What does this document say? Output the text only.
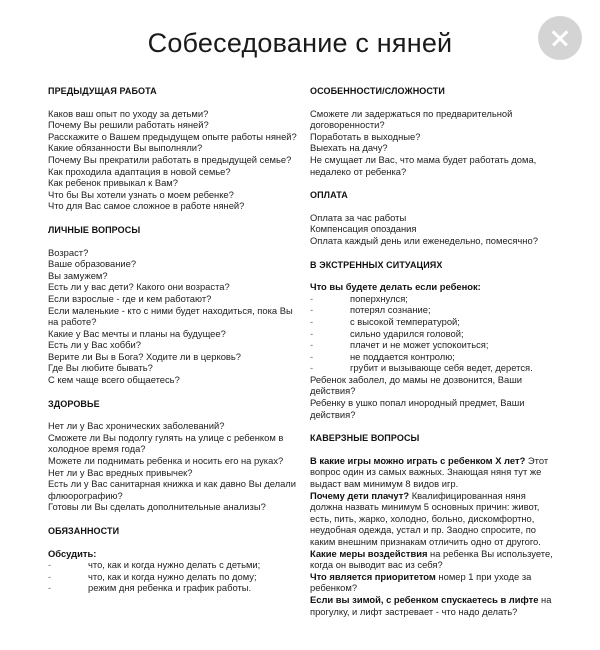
Собеседование с няней
ПРЕДЫДУЩАЯ РАБОТА
Каков ваш опыт по уходу за детьми?
Почему Вы решили работать няней?
Расскажите о Вашем предыдущем опыте работы няней?
Какие обязанности Вы выполняли?
Почему Вы прекратили работать в предыдущей семье?
Как проходила адаптация в новой семье?
Как ребенок привыкал к Вам?
Что бы Вы хотели узнать о моем ребенке?
Что для Вас самое сложное в работе няней?
ЛИЧНЫЕ ВОПРОСЫ
Возраст?
Ваше образование?
Вы замужем?
Есть ли у вас дети? Какого они возраста?
Если взрослые - где и кем работают?
Если маленькие - кто с ними будет находиться, пока Вы на работе?
Какие у Вас мечты и планы на будущее?
Есть ли у Вас хобби?
Верите ли Вы в Бога? Ходите ли в церковь?
Где Вы любите бывать?
С кем чаще всего общаетесь?
ЗДОРОВЬЕ
Нет ли у Вас хронических заболеваний?
Сможете ли Вы подолгу гулять на улице с ребенком в холодное время года?
Можете ли поднимать ребенка и носить его на руках?
Нет ли у Вас вредных привычек?
Есть ли у Вас санитарная книжка и как давно Вы делали флюорографию?
Готовы ли Вы сделать дополнительные анализы?
ОБЯЗАННОСТИ
Обсудить:
-	что, как и когда нужно делать с детьми;
-	что, как и когда нужно делать по дому;
-	режим дня ребенка и график работы.
ОСОБЕННОСТИ/СЛОЖНОСТИ
Сможете ли задержаться по предварительной договоренности?
Поработать в выходные?
Выехать на дачу?
Не смущает ли Вас, что мама будет работать дома, недалеко от ребенка?
ОПЛАТА
Оплата за час работы
Компенсация опоздания
Оплата каждый день или еженедельно, помесячно?
В ЭКСТРЕННЫХ СИТУАЦИЯХ
Что вы будете делать если ребенок:
-	поперхнулся;
-	потерял сознание;
-	с высокой температурой;
-	сильно ударился головой;
-	плачет и не может успокоиться;
-	не поддается контролю;
-	грубит и вызывающе себя ведет, дерется.
Ребенок заболел, до мамы не дозвонится, Ваши действия?
Ребенку в ушко попал инородный предмет, Ваши действия?
КАВЕРЗНЫЕ ВОПРОСЫ
В какие игры можно играть с ребенком Х лет? Этот вопрос один из самых важных. Знающая няня тут же выдаст вам минимум 8 видов игр.
Почему дети плачут? Квалифицированная няня должна назвать минимум 5 основных причин: живот, есть, пить, жарко, холодно, больно, дискомфортно, неудобная одежда, устал и пр. Заодно спросите, по каким внешним признакам отличить одно от другого.
Какие меры воздействия на ребенка Вы используете, когда он выводит вас из себя?
Что является приоритетом номер 1 при уходе за ребенком?
Если вы зимой, с ребенком спускаетесь в лифте на прогулку, и лифт застревает - что надо делать?
